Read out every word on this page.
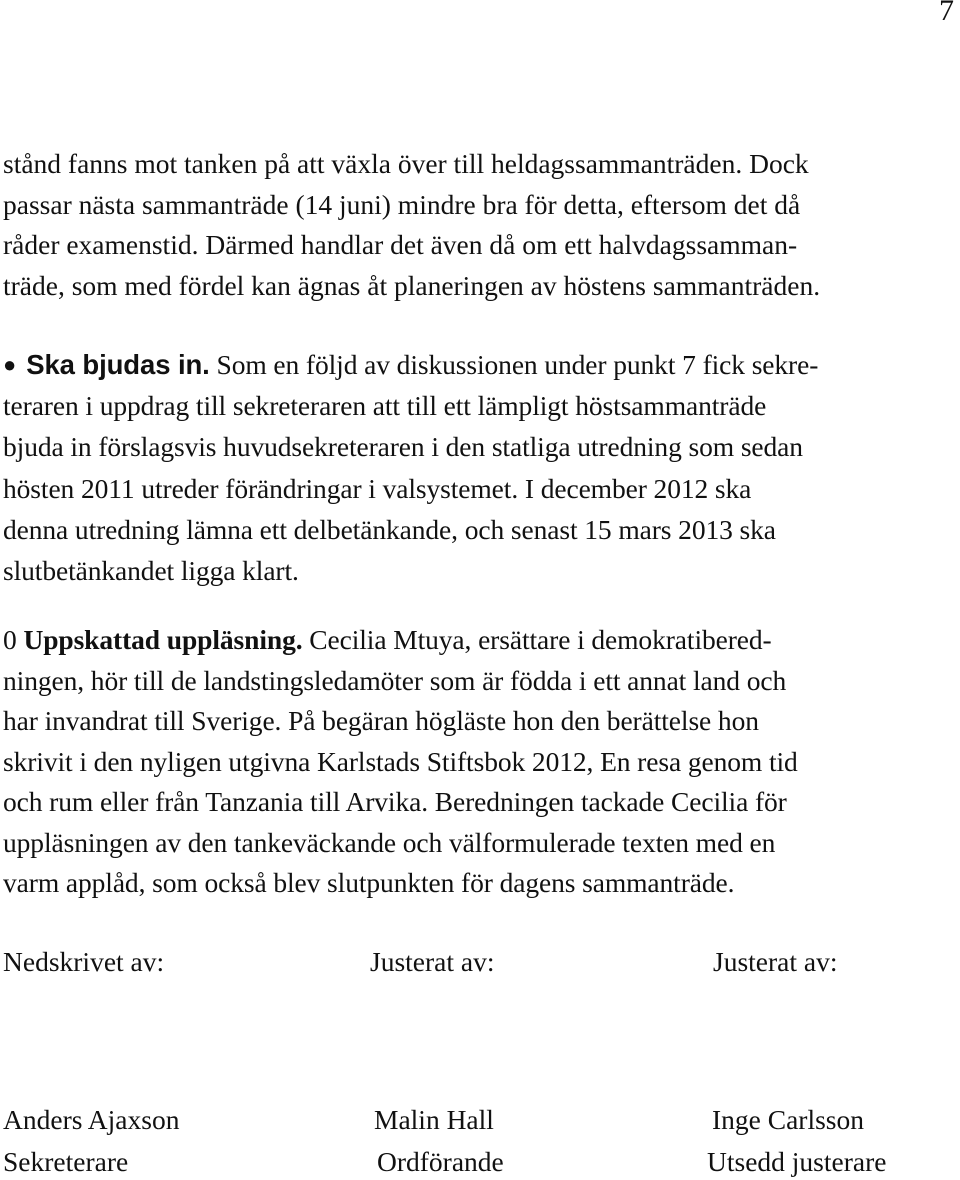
7

stånd fanns mot tanken på att växla över till heldagssammanträden. Dock
passar nästa sammanträde (14 juni) mindre bra för detta, eftersom det då
råder examenstid. Därmed handlar det även då om ett halvdagssamman-
träde, som med fördel kan ägnas åt planeringen av höstens sammanträden.

● Ska bjudas in. Som en följd av diskussionen under punkt 7 fick sekre-
teraren i uppdrag till sekreteraren att till ett lämpligt höstsammanträde
bjuda in förslagsvis huvudsekreteraren i den statliga utredning som sedan
hösten 2011 utreder förändringar i valsystemet. I december 2012 ska
denna utredning lämna ett delbetänkande, och senast 15 mars 2013 ska
slutbetänkandet ligga klart.

0 Uppskattad uppläsning. Cecilia Mtuya, ersättare i demokratibered-
ningen, hör till de landstingsledamöter som är födda i ett annat land och
har invandrat till Sverige. På begäran högläste hon den berättelse hon
skrivit i den nyligen utgivna Karlstads Stiftsbok 2012, En resa genom tid
och rum eller från Tanzania till Arvika. Beredningen tackade Cecilia för
uppläsningen av den tankeväckande och välformulerade texten med en
varm applåd, som också blev slutpunkten för dagens sammanträde.

Nedskrivet av:	Justerat av:	Justerat av:

Anders Ajaxson	Malin Hall	Inge Carlsson

Sekreterare	Ordförande	Utsedd justerare
